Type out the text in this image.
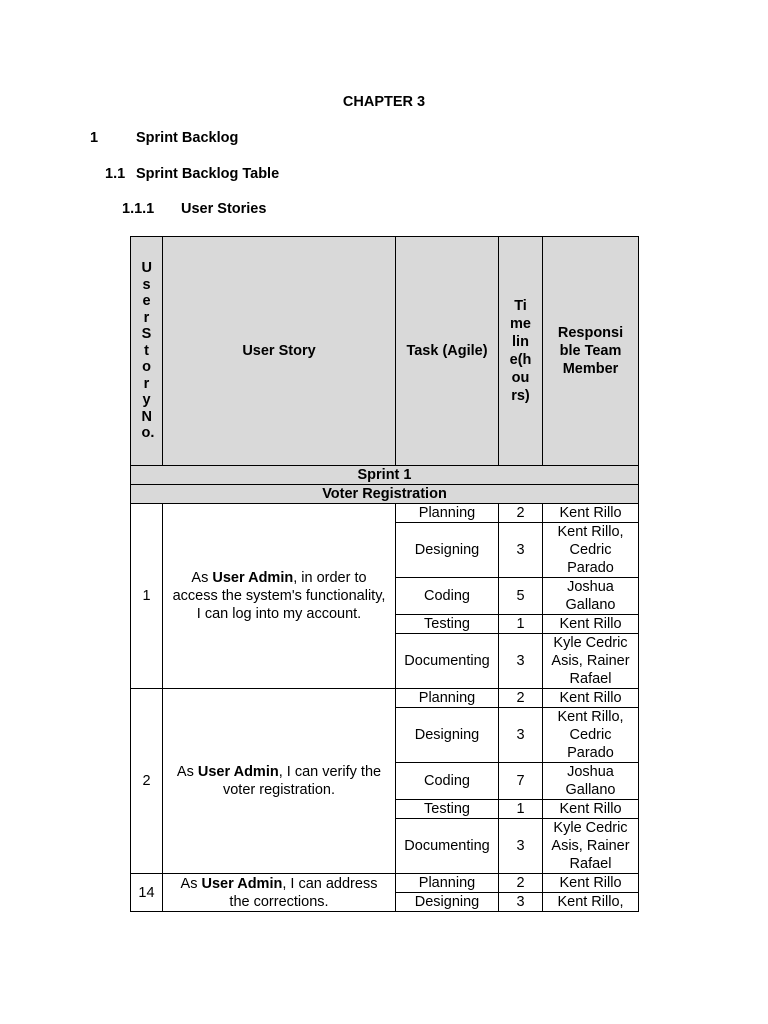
CHAPTER 3
1	Sprint Backlog
1.1 Sprint Backlog Table
1.1.1 User Stories
User Story No.	User Story	Task (Agile)	Timeline(hours)	Responsible Team Member

Sprint 1				
Voter Registration				
1	As User Admin, in order to access the system's functionality, I can log into my account.	Planning	2	Kent Rillo
		Designing	3	Kent Rillo, Cedric Parado
		Coding	5	Joshua Gallano
		Testing	1	Kent Rillo
		Documenting	3	Kyle Cedric Asis, Rainer Rafael
2	As User Admin, I can verify the voter registration.	Planning	2	Kent Rillo
		Designing	3	Kent Rillo, Cedric Parado
		Coding	7	Joshua Gallano
		Testing	1	Kent Rillo
		Documenting	3	Kyle Cedric Asis, Rainer Rafael
14	As User Admin, I can address the corrections.	Planning	2	Kent Rillo
		Designing	3	Kent Rillo,
